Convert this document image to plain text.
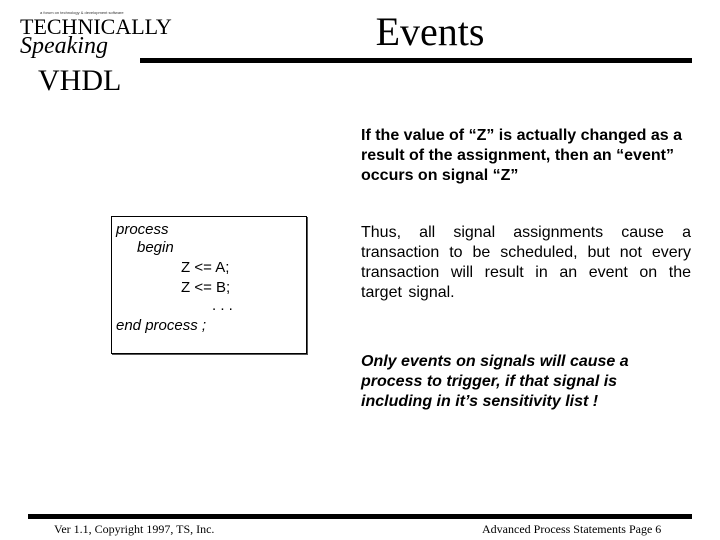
a forum on technology & development software
TECHNICALLY
Speaking	Events
VHDL
process
begin
Z <= A;
Z <= B;
. . .
end process ;
If the value of “Z” is actually changed as a result of the assignment, then an “event” occurs on signal “Z”
Thus, all signal assignments cause a transaction to be scheduled, but not every transaction will result in an event on the target signal.
Only events on signals will cause a process to trigger, if that signal is including in it’s sensitivity list !
Ver 1.1, Copyright 1997, TS, Inc.	Advanced Process Statements Page 6
